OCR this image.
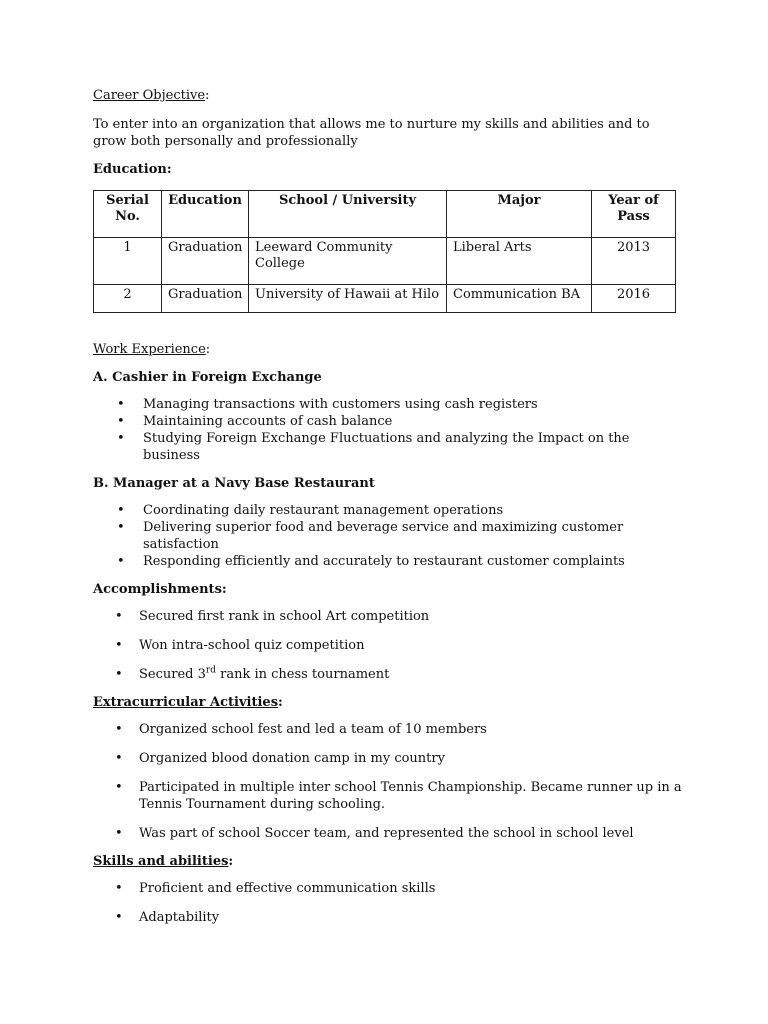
Career Objective:

To enter into an organization that allows me to nurture my skills and abilities and to grow both personally and professionally

Education:

Serial No.	Education	School / University	Major	Year of Pass
1	Graduation	Leeward Community College	Liberal Arts	2013
2	Graduation	University of Hawaii at Hilo	Communication BA	2016

Work Experience:

A. Cashier in Foreign Exchange

• Managing transactions with customers using cash registers
• Maintaining accounts of cash balance
• Studying Foreign Exchange Fluctuations and analyzing the Impact on the business

B. Manager at a Navy Base Restaurant

• Coordinating daily restaurant management operations
• Delivering superior food and beverage service and maximizing customer satisfaction
• Responding efficiently and accurately to restaurant customer complaints

Accomplishments:

• Secured first rank in school Art competition
• Won intra-school quiz competition
• Secured 3rd rank in chess tournament

Extracurricular Activities:

• Organized school fest and led a team of 10 members
• Organized blood donation camp in my country
• Participated in multiple inter school Tennis Championship. Became runner up in a Tennis Tournament during schooling.
• Was part of school Soccer team, and represented the school in school level

Skills and abilities:

• Proficient and effective communication skills
• Adaptability
